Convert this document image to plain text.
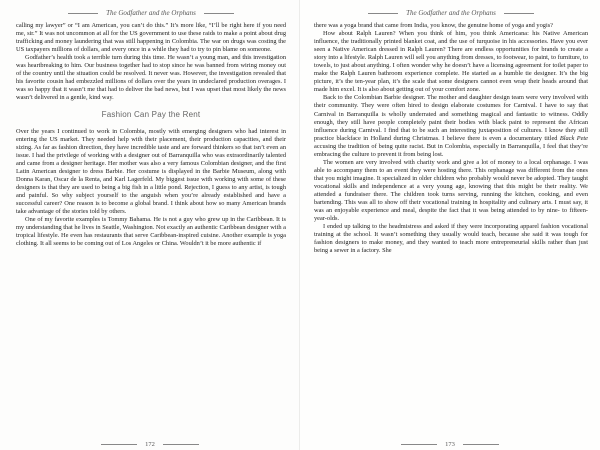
The Godfather and the Orphans

calling my lawyer” or “I am American, you can’t do this.” It’s more like, “I’ll be right here if you need me, sir.” It was not uncommon at all for the US government to use these raids to make a point about drug trafficking and money laundering that was still happening in Colombia. The war on drugs was costing the US taxpayers millions of dollars, and every once in a while they had to try to pin blame on someone.

Godfather’s health took a terrible turn during this time. He wasn’t a young man, and this investigation was heartbreaking to him. Our business together had to stop since he was banned from wiring money out of the country until the situation could be resolved. It never was. However, the investigation revealed that his favorite cousin had embezzled millions of dollars over the years in undeclared production overages. I was so happy that it wasn’t me that had to deliver the bad news, but I was upset that most likely the news wasn’t delivered in a gentle, kind way.

Fashion Can Pay the Rent

Over the years I continued to work in Colombia, mostly with emerging designers who had interest in entering the US market. They needed help with their placement, their production capacities, and their sizing. As far as fashion direction, they have incredible taste and are forward thinkers so that isn’t even an issue. I had the privilege of working with a designer out of Barranquilla who was extraordinarily talented and came from a designer heritage. Her mother was also a very famous Colombian designer, and the first Latin American designer to dress Barbie. Her costume is displayed in the Barbie Museum, along with Donna Karan, Oscar de la Renta, and Karl Lagerfeld. My biggest issue with working with some of these designers is that they are used to being a big fish in a little pond. Rejection, I guess to any artist, is tough and painful. So why subject yourself to the anguish when you’re already established and have a successful career? One reason is to become a global brand. I think about how so many American brands take advantage of the stories told by others.

One of my favorite examples is Tommy Bahama. He is not a guy who grew up in the Caribbean. It is my understanding that he lives in Seattle, Washington. Not exactly an authentic Caribbean designer with a tropical lifestyle. He even has restaurants that serve Caribbean-inspired cuisine. Another example is yoga clothing. It all seems to be coming out of Los Angeles or China. Wouldn’t it be more authentic if

172
The Godfather and the Orphans

there was a yoga brand that came from India, you know, the genuine home of yoga and yogis?

How about Ralph Lauren? When you think of him, you think Americana: his Native American influence, the traditionally printed blanket coat, and the use of turquoise in his accessories. Have you ever seen a Native American dressed in Ralph Lauren? There are endless opportunities for brands to create a story into a lifestyle. Ralph Lauren will sell you anything from dresses, to footwear, to paint, to furniture, to towels, to just about anything. I often wonder why he doesn’t have a licensing agreement for toilet paper to make the Ralph Lauren bathroom experience complete. He started as a humble tie designer. It’s the big picture, it’s the ten-year plan, it’s the scale that some designers cannot even wrap their heads around that made him excel. It is also about getting out of your comfort zone.

Back to the Colombian Barbie designer. The mother and daughter design team were very involved with their community. They were often hired to design elaborate costumes for Carnival. I have to say that Carnival in Barranquilla is wholly underrated and something magical and fantastic to witness. Oddly enough, they still have people completely paint their bodies with black paint to represent the African influence during Carnival. I find that to be such an interesting juxtaposition of cultures. I know they still practice blackface in Holland during Christmas. I believe there is even a documentary titled Black Pete accusing the tradition of being quite racist. But in Colombia, especially in Barranquilla, I feel that they’re embracing the culture to prevent it from being lost.

The women are very involved with charity work and give a lot of money to a local orphanage. I was able to accompany them to an event they were hosting there. This orphanage was different from the ones that you might imagine. It specialized in older children who probably would never be adopted. They taught vocational skills and independence at a very young age, knowing that this might be their reality. We attended a fundraiser there. The children took turns serving, running the kitchen, cooking, and even bartending. This was all to show off their vocational training in hospitality and culinary arts. I must say, it was an enjoyable experience and meal, despite the fact that it was being attended to by nine- to fifteen-year-olds.

I ended up talking to the headmistress and asked if they were incorporating apparel fashion vocational training at the school. It wasn’t something they usually would teach, because she said it was tough for fashion designers to make money, and they wanted to teach more entrepreneurial skills rather than just being a sewer in a factory. She

173
